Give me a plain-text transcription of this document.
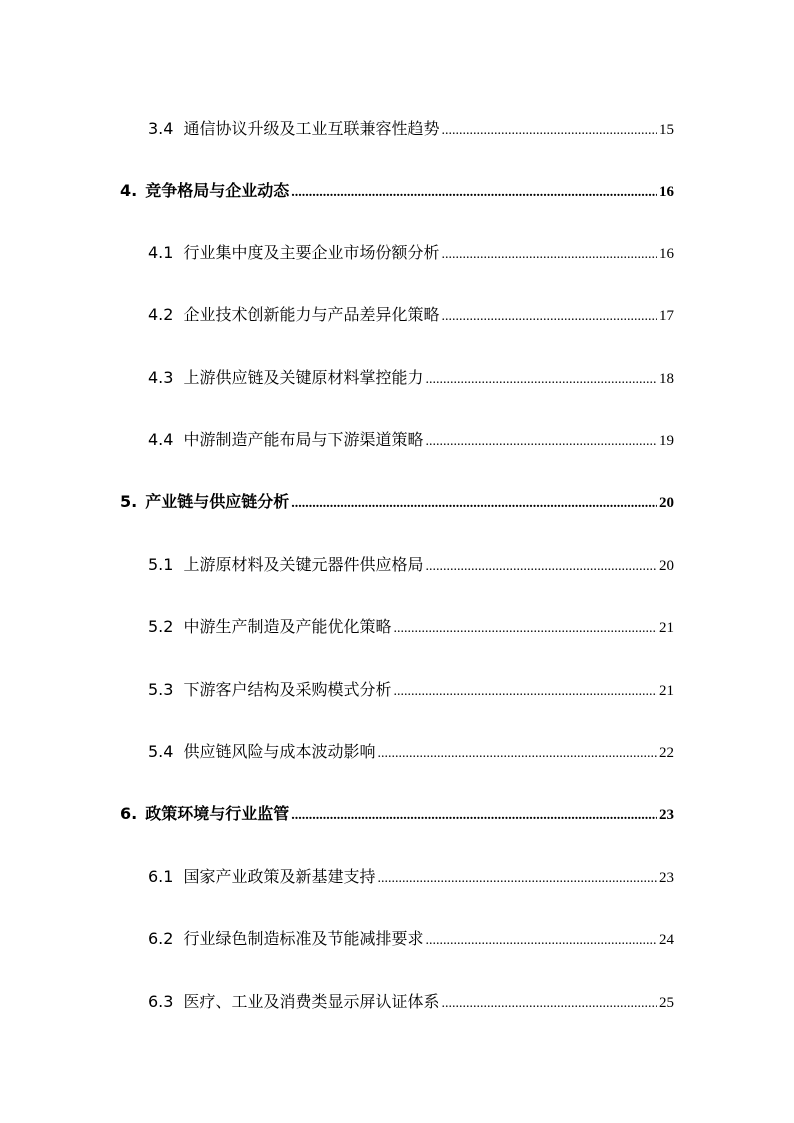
3.4 通信协议升级及工业互联兼容性趋势 .....	15
4. 竞争格局与企业动态 .....	16
4.1 行业集中度及主要企业市场份额分析 .....	16
4.2 企业技术创新能力与产品差异化策略 .....	17
4.3 上游供应链及关键原材料掌控能力 .....	18
4.4 中游制造产能布局与下游渠道策略 .....	19
5. 产业链与供应链分析 .....	20
5.1 上游原材料及关键元器件供应格局 .....	20
5.2 中游生产制造及产能优化策略 .....	21
5.3 下游客户结构及采购模式分析 .....	21
5.4 供应链风险与成本波动影响 .....	22
6. 政策环境与行业监管 .....	23
6.1 国家产业政策及新基建支持 .....	23
6.2 行业绿色制造标准及节能减排要求 .....	24
6.3 医疗、工业及消费类显示屏认证体系 .....	25
